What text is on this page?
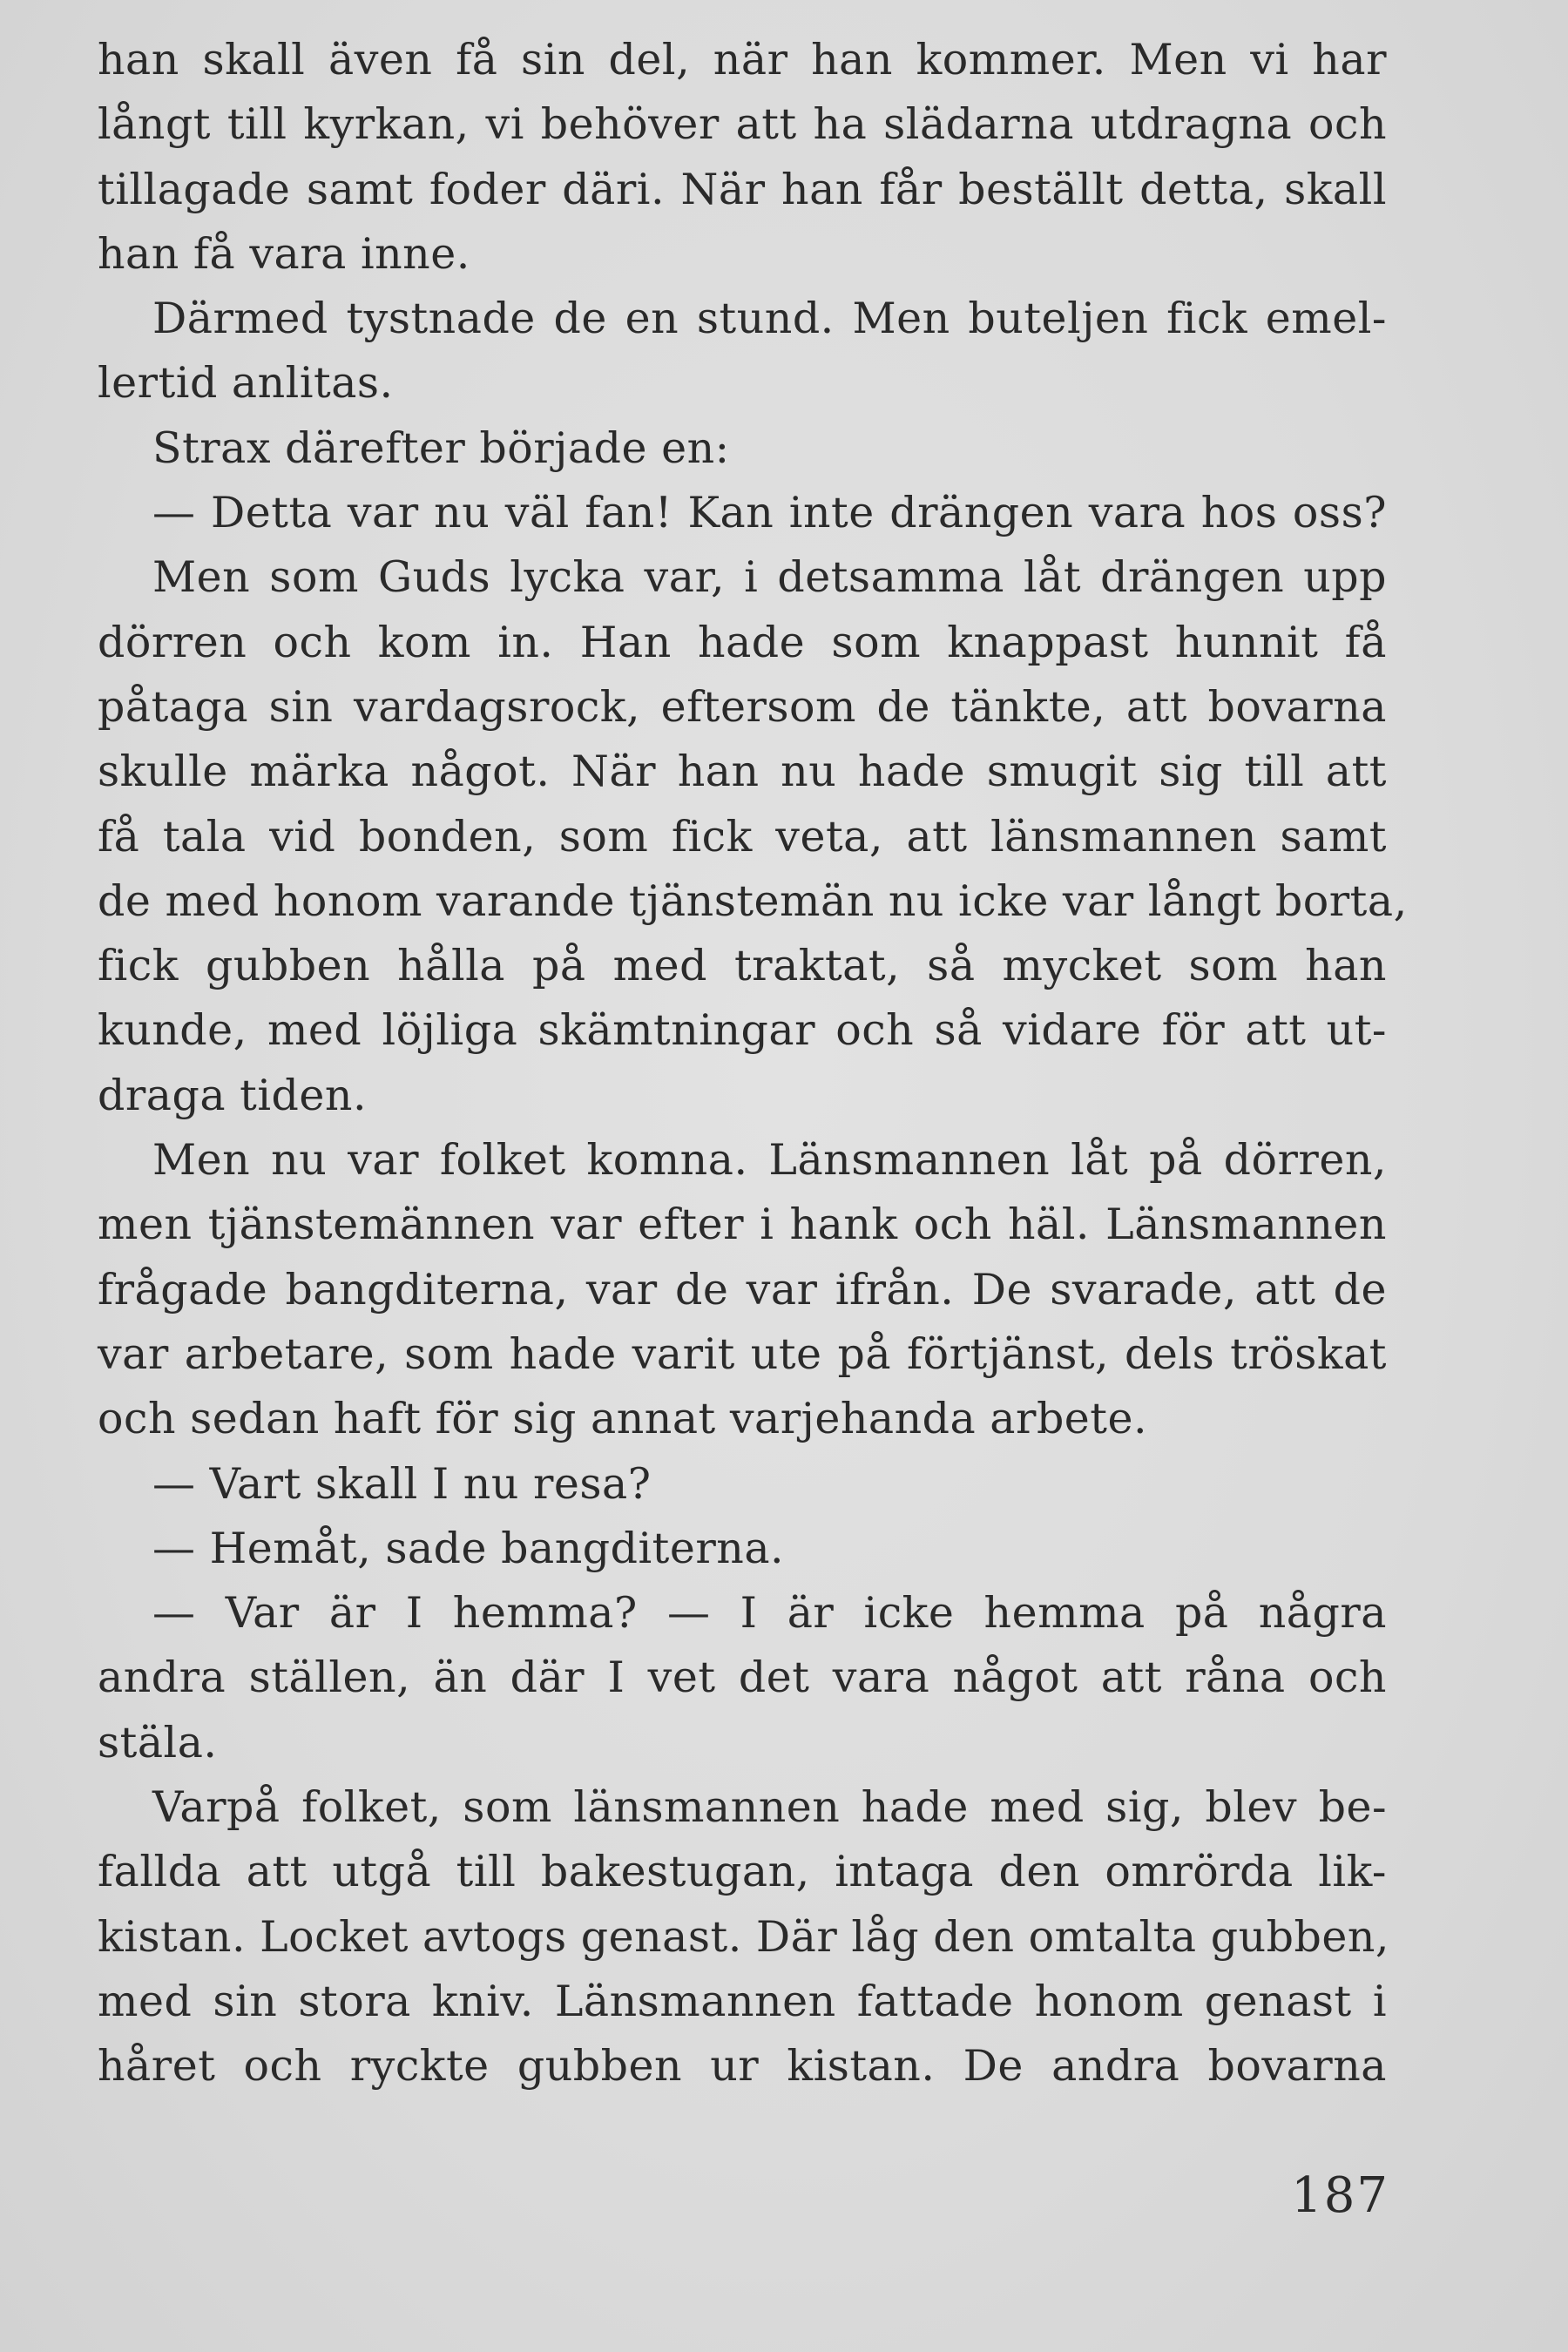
han skall även få sin del, när han kommer. Men vi har
långt till kyrkan, vi behöver att ha slädarna utdragna och
tillagade samt foder däri. När han får beställt detta, skall
han få vara inne.
Därmed tystnade de en stund. Men buteljen fick emel-
lertid anlitas.
Strax därefter började en:
— Detta var nu väl fan! Kan inte drängen vara hos oss?
Men som Guds lycka var, i detsamma låt drängen upp
dörren och kom in. Han hade som knappast hunnit få
påtaga sin vardagsrock, eftersom de tänkte, att bovarna
skulle märka något. När han nu hade smugit sig till att
få tala vid bonden, som fick veta, att länsmannen samt
de med honom varande tjänstemän nu icke var långt borta,
fick gubben hålla på med traktat, så mycket som han
kunde, med löjliga skämtningar och så vidare för att ut-
draga tiden.
Men nu var folket komna. Länsmannen låt på dörren,
men tjänstemännen var efter i hank och häl. Länsmannen
frågade bangditerna, var de var ifrån. De svarade, att de
var arbetare, som hade varit ute på förtjänst, dels tröskat
och sedan haft för sig annat varjehanda arbete.
— Vart skall I nu resa?
— Hemåt, sade bangditerna.
— Var är I hemma? — I är icke hemma på några
andra ställen, än där I vet det vara något att råna och
stäla.
Varpå folket, som länsmannen hade med sig, blev be-
fallda att utgå till bakestugan, intaga den omrörda lik-
kistan. Locket avtogs genast. Där låg den omtalta gubben,
med sin stora kniv. Länsmannen fattade honom genast i
håret och ryckte gubben ur kistan. De andra bovarna
187
